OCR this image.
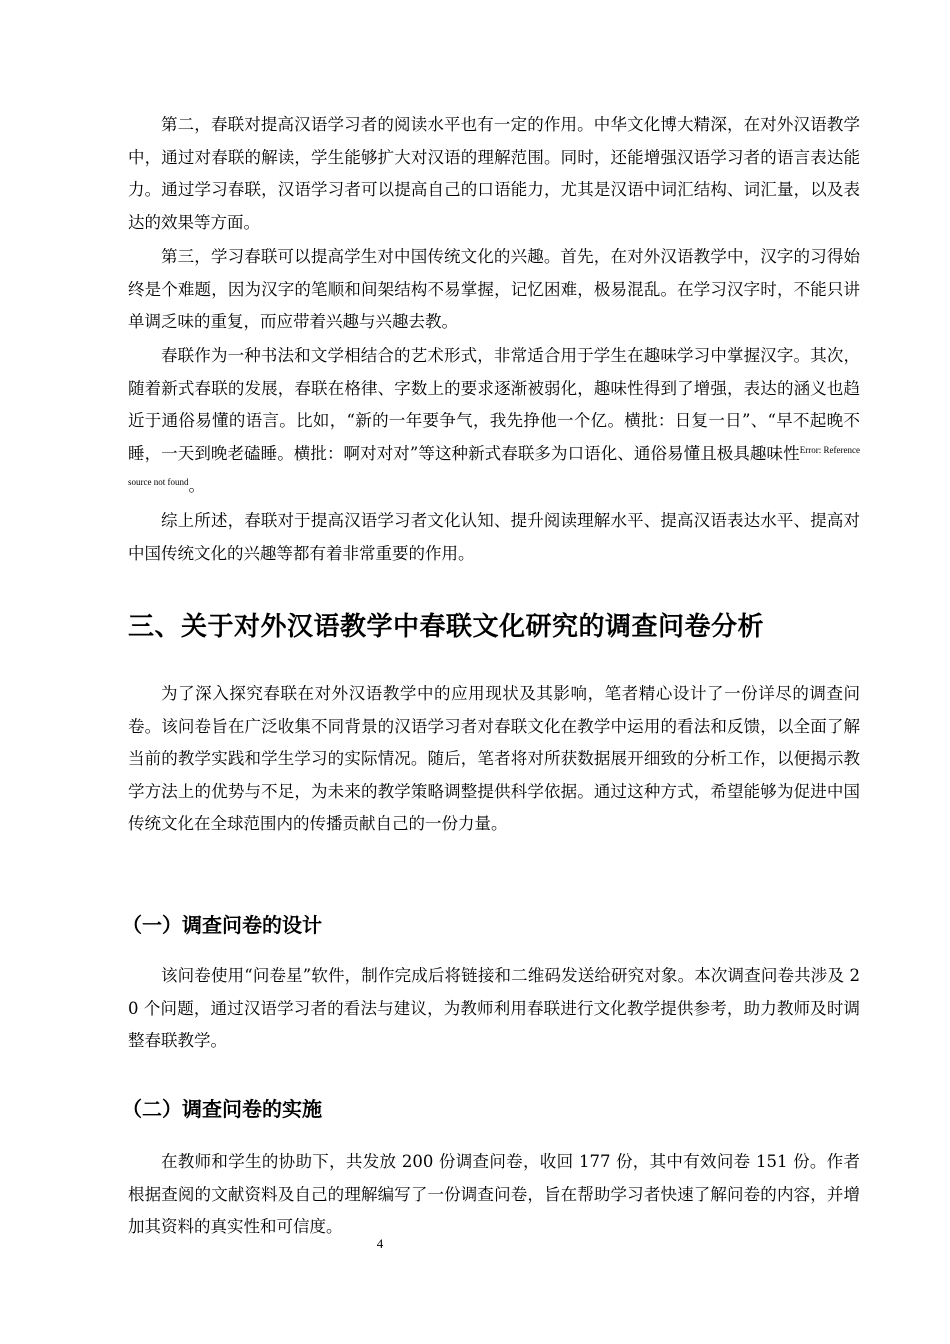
第二，春联对提高汉语学习者的阅读水平也有一定的作用。中华文化博大精深，在对外汉语教学中，通过对春联的解读，学生能够扩大对汉语的理解范围。同时，还能增强汉语学习者的语言表达能力。通过学习春联，汉语学习者可以提高自己的口语能力，尤其是汉语中词汇结构、词汇量，以及表达的效果等方面。

第三，学习春联可以提高学生对中国传统文化的兴趣。首先，在对外汉语教学中，汉字的习得始终是个难题，因为汉字的笔顺和间架结构不易掌握，记忆困难，极易混乱。在学习汉字时，不能只讲单调乏味的重复，而应带着兴趣与兴趣去教。

春联作为一种书法和文学相结合的艺术形式，非常适合用于学生在趣味学习中掌握汉字。其次，随着新式春联的发展，春联在格律、字数上的要求逐渐被弱化，趣味性得到了增强，表达的涵义也趋近于通俗易懂的语言。比如，“新的一年要争气，我先挣他一个亿。横批：日复一日”、“早不起晚不睡，一天到晚老磕睡。横批：啊对对对”等这种新式春联多为口语化、通俗易懂且极具趣味性$^{Error: Reference source not found}$。

综上所述，春联对于提高汉语学习者文化认知、提升阅读理解水平、提高汉语表达水平、提高对中国传统文化的兴趣等都有着非常重要的作用。

三、关于对外汉语教学中春联文化研究的调查问卷分析

为了深入探究春联在对外汉语教学中的应用现状及其影响，笔者精心设计了一份详尽的调查问卷。该问卷旨在广泛收集不同背景的汉语学习者对春联文化在教学中运用的看法和反馈，以全面了解当前的教学实践和学生学习的实际情况。随后，笔者将对所获数据展开细致的分析工作，以便揭示教学方法上的优势与不足，为未来的教学策略调整提供科学依据。通过这种方式，希望能够为促进中国传统文化在全球范围内的传播贡献自己的一份力量。

（一）调查问卷的设计

该问卷使用“问卷星”软件，制作完成后将链接和二维码发送给研究对象。本次调查问卷共涉及 20 个问题，通过汉语学习者的看法与建议，为教师利用春联进行文化教学提供参考，助力教师及时调整春联教学。

（二）调查问卷的实施

在教师和学生的协助下，共发放 200 份调查问卷，收回 177 份，其中有效问卷 151 份。作者根据查阅的文献资料及自己的理解编写了一份调查问卷，旨在帮助学习者快速了解问卷的内容，并增加其资料的真实性和可信度。

4
